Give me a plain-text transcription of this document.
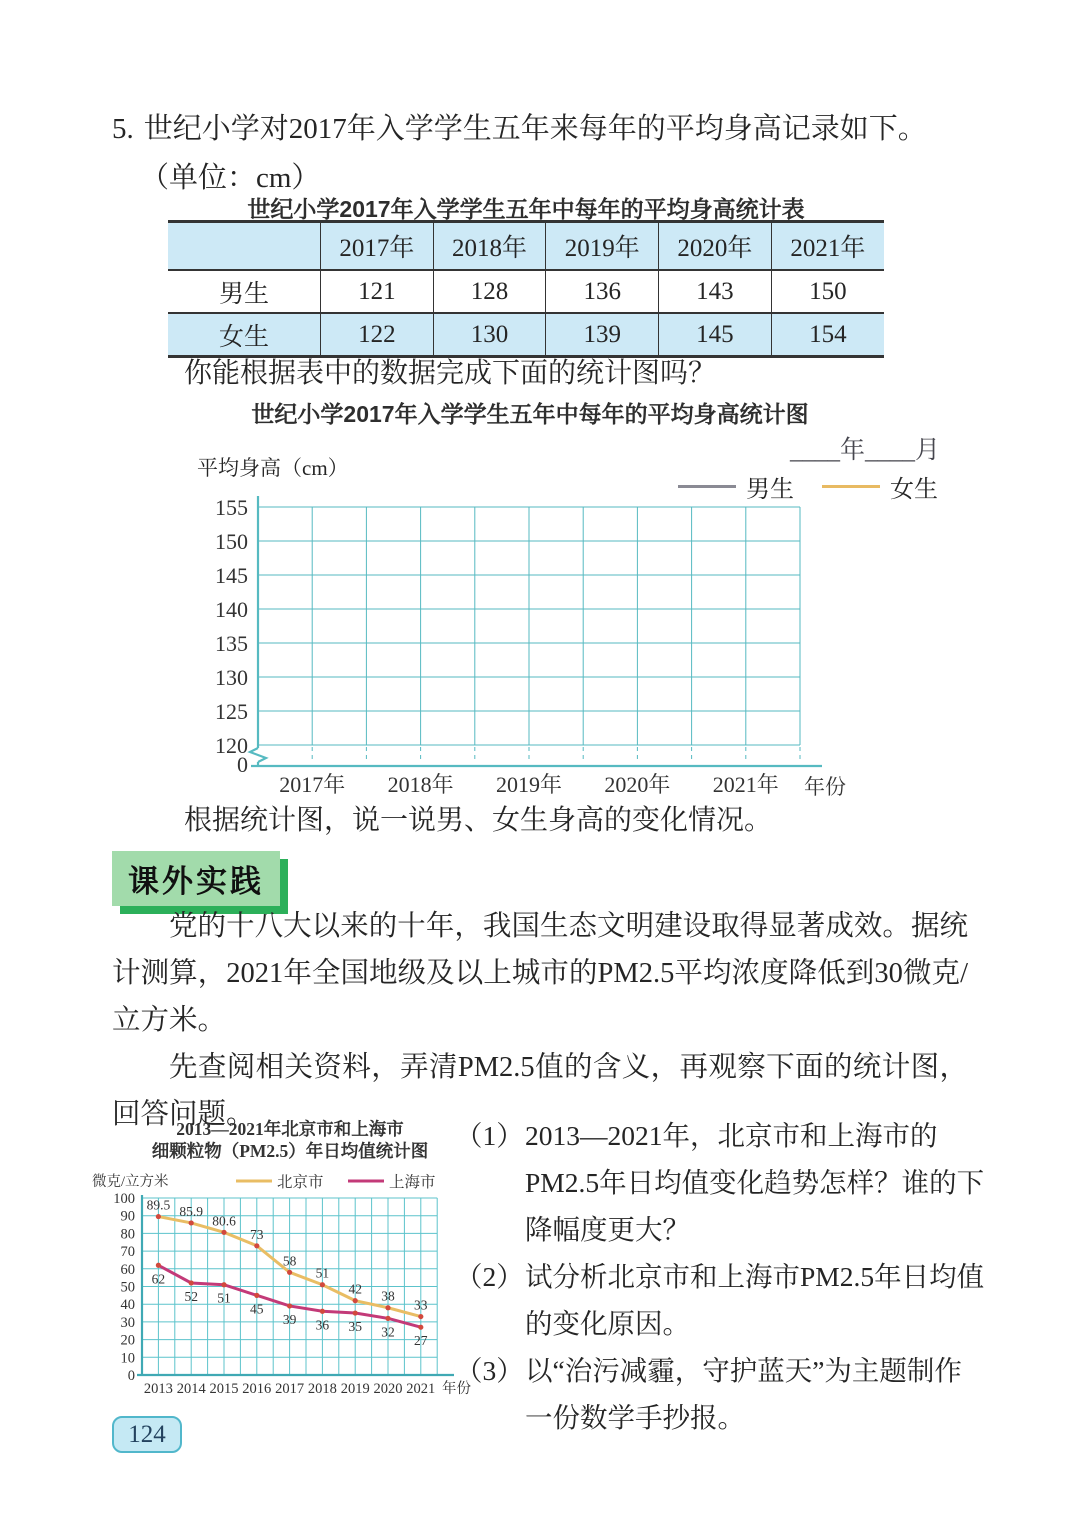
5. 世纪小学对2017年入学学生五年来每年的平均身高记录如下。
（单位：cm）
世纪小学2017年入学学生五年中每年的平均身高统计表
	2017年	2018年	2019年	2020年	2021年
男生	121	128	136	143	150
女生	122	130	139	145	154
你能根据表中的数据完成下面的统计图吗？
世纪小学2017年入学学生五年中每年的平均身高统计图
____年____月
平均身高（cm）
男生	女生
155
150
145
140
135
130
125
120
0
2017年 2018年 2019年 2020年 2021年 年份
根据统计图，说一说男、女生身高的变化情况。
课外实践

党的十八大以来的十年，我国生态文明建设取得显著成效。据统计测算，2021年全国地级及以上城市的PM2.5平均浓度降低到30微克/立方米。

先查阅相关资料，弄清PM2.5值的含义，再观察下面的统计图，回答问题。

2013—2021年北京市和上海市
细颗粒物（PM2.5）年日均值统计图
微克/立方米	北京市	上海市
0
10
20
30
40
50
60
70
80
90
100
2013 2014 2015 2016 2017 2018 2019 2020 2021 年份
89.5 85.9
80.6
73
58
51
42 38
33
62
52 51
45
39 36 35 32
27
（1） 2013—2021年，北京市和上海市的PM2.5年日均值变化趋势怎样？谁的下降幅度更大？
（2） 试分析北京市和上海市PM2.5年日均值的变化原因。
（3） 以“治污减霾，守护蓝天”为主题制作一份数学手抄报。
124
